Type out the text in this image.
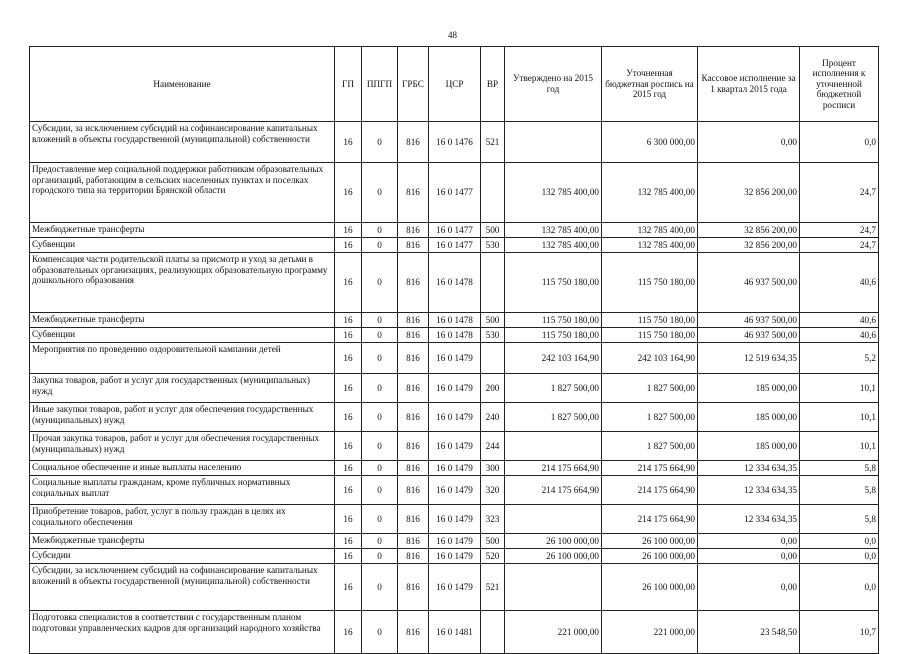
48
Наименование	ГП	ППГП	ГРБС	ЦСР	ВР	Утверждено на 2015 год	Уточненная бюджетная роспись на 2015 год	Кассовое исполнение за 1 квартал 2015 года	Процент исполнения к уточненной бюджетной росписи
Субсидии, за исключением субсидий на софинансирование капитальных вложений в объекты государственной (муниципальной) собственности	16	0	816	16 0 1476	521		6 300 000,00	0,00	0,0
Предоставление мер социальной поддержки работникам образовательных организаций, работающим в сельских населенных пунктах и поселках городского типа на территории Брянской области	16	0	816	16 0 1477		132 785 400,00	132 785 400,00	32 856 200,00	24,7
Межбюджетные трансферты	16	0	816	16 0 1477	500	132 785 400,00	132 785 400,00	32 856 200,00	24,7
Субвенции	16	0	816	16 0 1477	530	132 785 400,00	132 785 400,00	32 856 200,00	24,7
Компенсация части родительской платы за присмотр и уход за детьми в образовательных организациях, реализующих образовательную программу дошкольного образования	16	0	816	16 0 1478		115 750 180,00	115 750 180,00	46 937 500,00	40,6
Межбюджетные трансферты	16	0	816	16 0 1478	500	115 750 180,00	115 750 180,00	46 937 500,00	40,6
Субвенции	16	0	816	16 0 1478	530	115 750 180,00	115 750 180,00	46 937 500,00	40,6
Мероприятия по проведению оздоровительной кампании детей	16	0	816	16 0 1479		242 103 164,90	242 103 164,90	12 519 634,35	5,2
Закупка товаров, работ и услуг для государственных (муниципальных) нужд	16	0	816	16 0 1479	200	1 827 500,00	1 827 500,00	185 000,00	10,1
Иные закупки товаров, работ и услуг для обеспечения государственных (муниципальных) нужд	16	0	816	16 0 1479	240	1 827 500,00	1 827 500,00	185 000,00	10,1
Прочая закупка товаров, работ и услуг для обеспечения государственных (муниципальных) нужд	16	0	816	16 0 1479	244		1 827 500,00	185 000,00	10,1
Социальное обеспечение и иные выплаты населению	16	0	816	16 0 1479	300	214 175 664,90	214 175 664,90	12 334 634,35	5,8
Социальные выплаты гражданам, кроме публичных нормативных социальных выплат	16	0	816	16 0 1479	320	214 175 664,90	214 175 664,90	12 334 634,35	5,8
Приобретение товаров, работ, услуг в пользу граждан в целях их социального обеспечения	16	0	816	16 0 1479	323		214 175 664,90	12 334 634,35	5,8
Межбюджетные трансферты	16	0	816	16 0 1479	500	26 100 000,00	26 100 000,00	0,00	0,0
Субсидии	16	0	816	16 0 1479	520	26 100 000,00	26 100 000,00	0,00	0,0
Субсидии, за исключением субсидий на софинансирование капитальных вложений в объекты государственной (муниципальной) собственности	16	0	816	16 0 1479	521		26 100 000,00	0,00	0,0
Подготовка специалистов в соответствии с государственным планом подготовки управленческих кадров для организаций народного хозяйства	16	0	816	16 0 1481		221 000,00	221 000,00	23 548,50	10,7
